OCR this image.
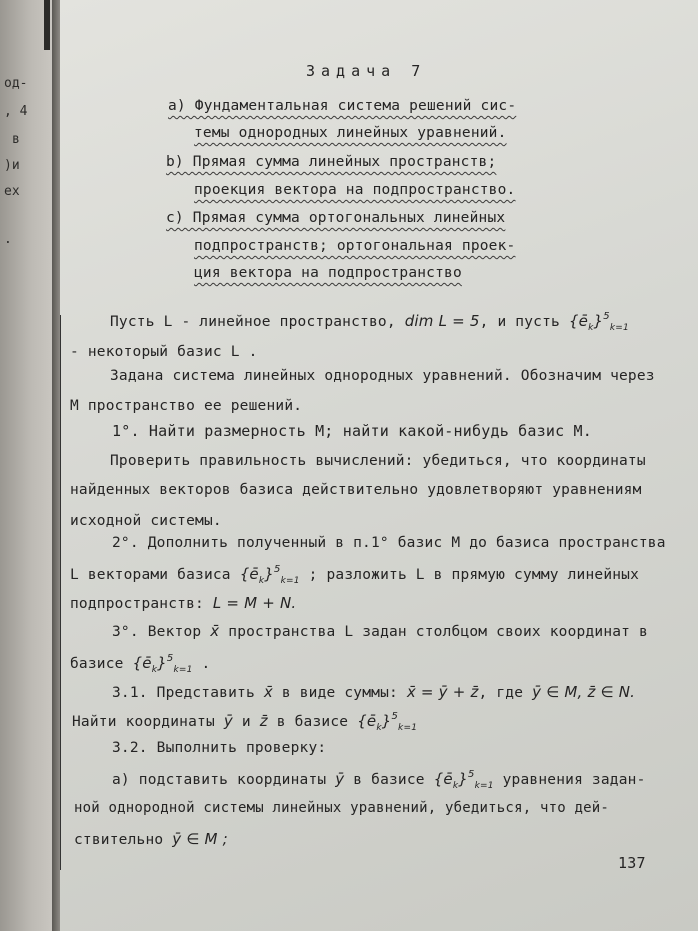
од-
, 4
в
)и
ех
.
Задача 7
а) Фундаментальная система решений сис-
темы однородных линейных уравнений.
b) Прямая сумма линейных пространств;
проекция вектора на подпространство.
с) Прямая сумма ортогональных линейных
подпространств; ортогональная проек-
ция вектора на подпространство
Пусть L - линейное пространство, dim L = 5, и пусть $\{ē_k\}^5_{k=1}$
- некоторый базис L .
Задана система линейных однородных уравнений. Обозначим через
M пространство ее решений.
1°. Найти размерность M; найти какой-нибудь базис M.
Проверить правильность вычислений: убедиться, что координаты
найденных векторов базиса действительно удовлетворяют уравнениям
исходной системы.
2°. Дополнить полученный в п.1° базис M до базиса пространства
L векторами базиса $\{ē_k\}^5_{k=1}$ ; разложить L в прямую сумму линейных
подпространств: L = M + N.
3°. Вектор x̄ пространства L задан столбцом своих координат в
базисе $\{ē_k\}^5_{k=1}$ .
3.1. Представить x̄ в виде суммы: x̄ = ȳ + z̄, где ȳ ∈ M, z̄ ∈ N.
Найти координаты ȳ и z̄ в базисе $\{ē_k\}^5_{k=1}$
3.2. Выполнить проверку:
а) подставить координаты ȳ в базисе $\{ē_k\}^5_{k=1}$ уравнения задан-
ной однородной системы линейных уравнений, убедиться, что дей-
ствительно ȳ ∈ M ;
137
